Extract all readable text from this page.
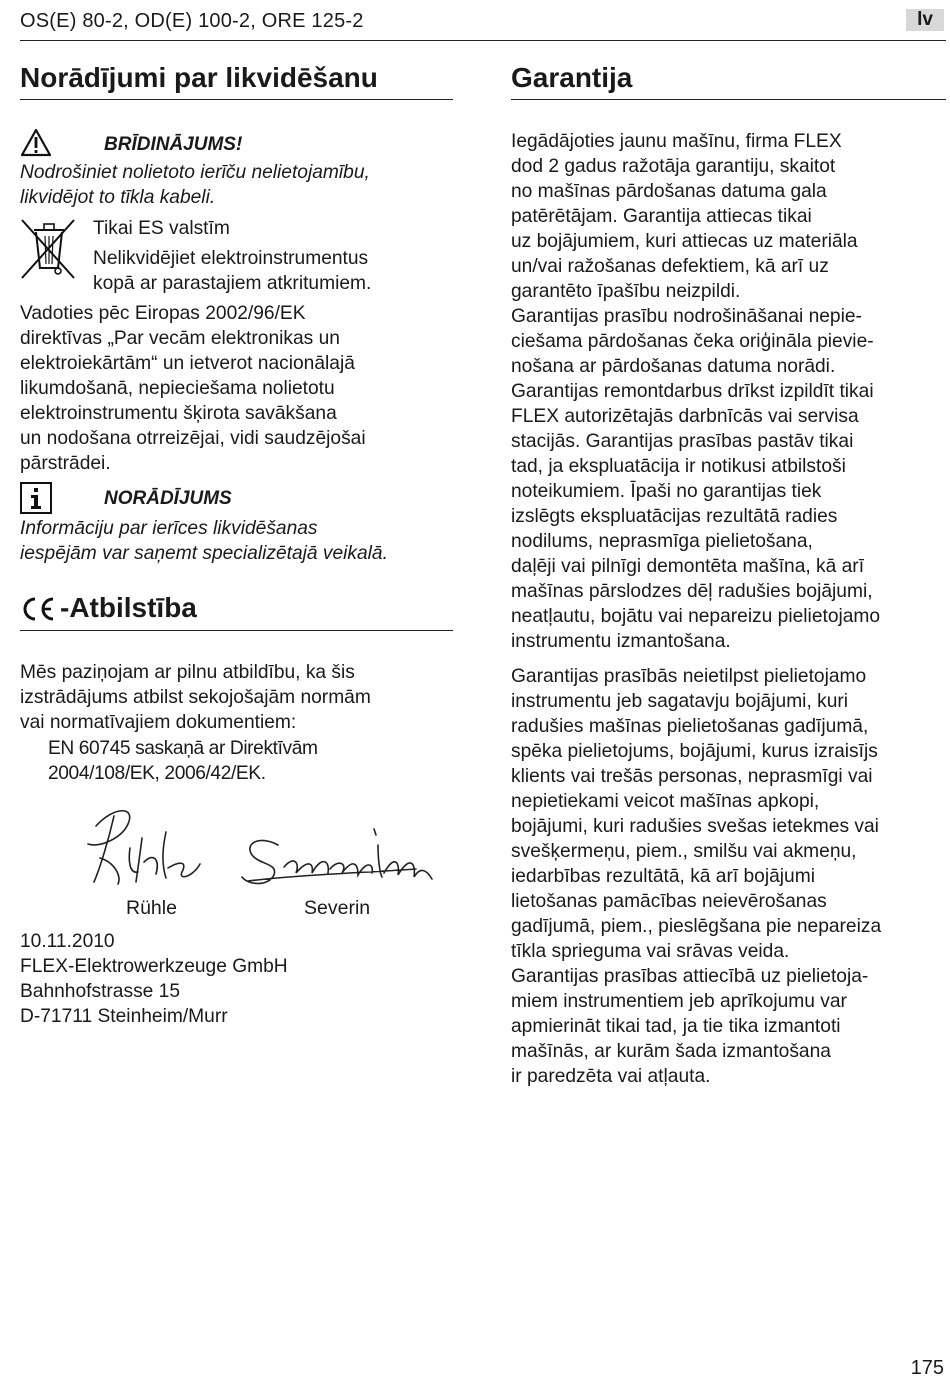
OS(E) 80-2, OD(E) 100-2, ORE 125-2	lv
Norādījumi par likvidēšanu
BRĪDINĀJUMS!
Nodrošiniet nolietoto ierīču nelietojamību,
likvidējot to tīkla kabeli.
Tikai ES valstīm
Nelikvidējiet elektroinstrumentus
kopā ar parastajiem atkritumiem.
Vadoties pēc Eiropas 2002/96/EK
direktīvas „Par vecām elektronikas un
elektroiekārtām“ un ietverot nacionālajā
likumdošanā, nepieciešama nolietotu
elektroinstrumentu šķirota savākšana
un nodošana otrreizējai, vidi saudzējošai
pārstrādei.
NORĀDĪJUMS
Informāciju par ierīces likvidēšanas
iespējām var saņemt specializētajā veikalā.
-Atbilstība
Mēs paziņojam ar pilnu atbildību, ka šis
izstrādājums atbilst sekojošajām normām
vai normatīvajiem dokumentiem:
EN 60745 saskaņā ar Direktīvām
2004/108/EK, 2006/42/EK.
Rühle	Severin
10.11.2010
FLEX-Elektrowerkzeuge GmbH
Bahnhofstrasse 15
D-71711 Steinheim/Murr
Garantija
Iegādājoties jaunu mašīnu, firma FLEX
dod 2 gadus ražotāja garantiju, skaitot
no mašīnas pārdošanas datuma gala
patērētājam. Garantija attiecas tikai
uz bojājumiem, kuri attiecas uz materiāla
un/vai ražošanas defektiem, kā arī uz
garantēto īpašību neizpildi.
Garantijas prasību nodrošināšanai nepie-
ciešama pārdošanas čeka oriģināla pievie-
nošana ar pārdošanas datuma norādi.
Garantijas remontdarbus drīkst izpildīt tikai
FLEX autorizētajās darbnīcās vai servisa
stacijās. Garantijas prasības pastāv tikai
tad, ja ekspluatācija ir notikusi atbilstoši
noteikumiem. Īpaši no garantijas tiek
izslēgts ekspluatācijas rezultātā radies
nodilums, neprasmīga pielietošana,
daļēji vai pilnīgi demontēta mašīna, kā arī
mašīnas pārslodzes dēļ radušies bojājumi,
neatļautu, bojātu vai nepareizu pielietojamo
instrumentu izmantošana.
Garantijas prasībās neietilpst pielietojamo
instrumentu jeb sagatavju bojājumi, kuri
radušies mašīnas pielietošanas gadījumā,
spēka pielietojums, bojājumi, kurus izraisījs
klients vai trešās personas, neprasmīgi vai
nepietiekami veicot mašīnas apkopi,
bojājumi, kuri radušies svešas ietekmes vai
svešķermeņu, piem., smilšu vai akmeņu,
iedarbības rezultātā, kā arī bojājumi
lietošanas pamācības neievērošanas
gadījumā, piem., pieslēgšana pie nepareiza
tīkla sprieguma vai srāvas veida.
Garantijas prasības attiecībā uz pielietoja-
miem instrumentiem jeb aprīkojumu var
apmierināt tikai tad, ja tie tika izmantoti
mašīnās, ar kurām šada izmantošana
ir paredzēta vai atļauta.
175
